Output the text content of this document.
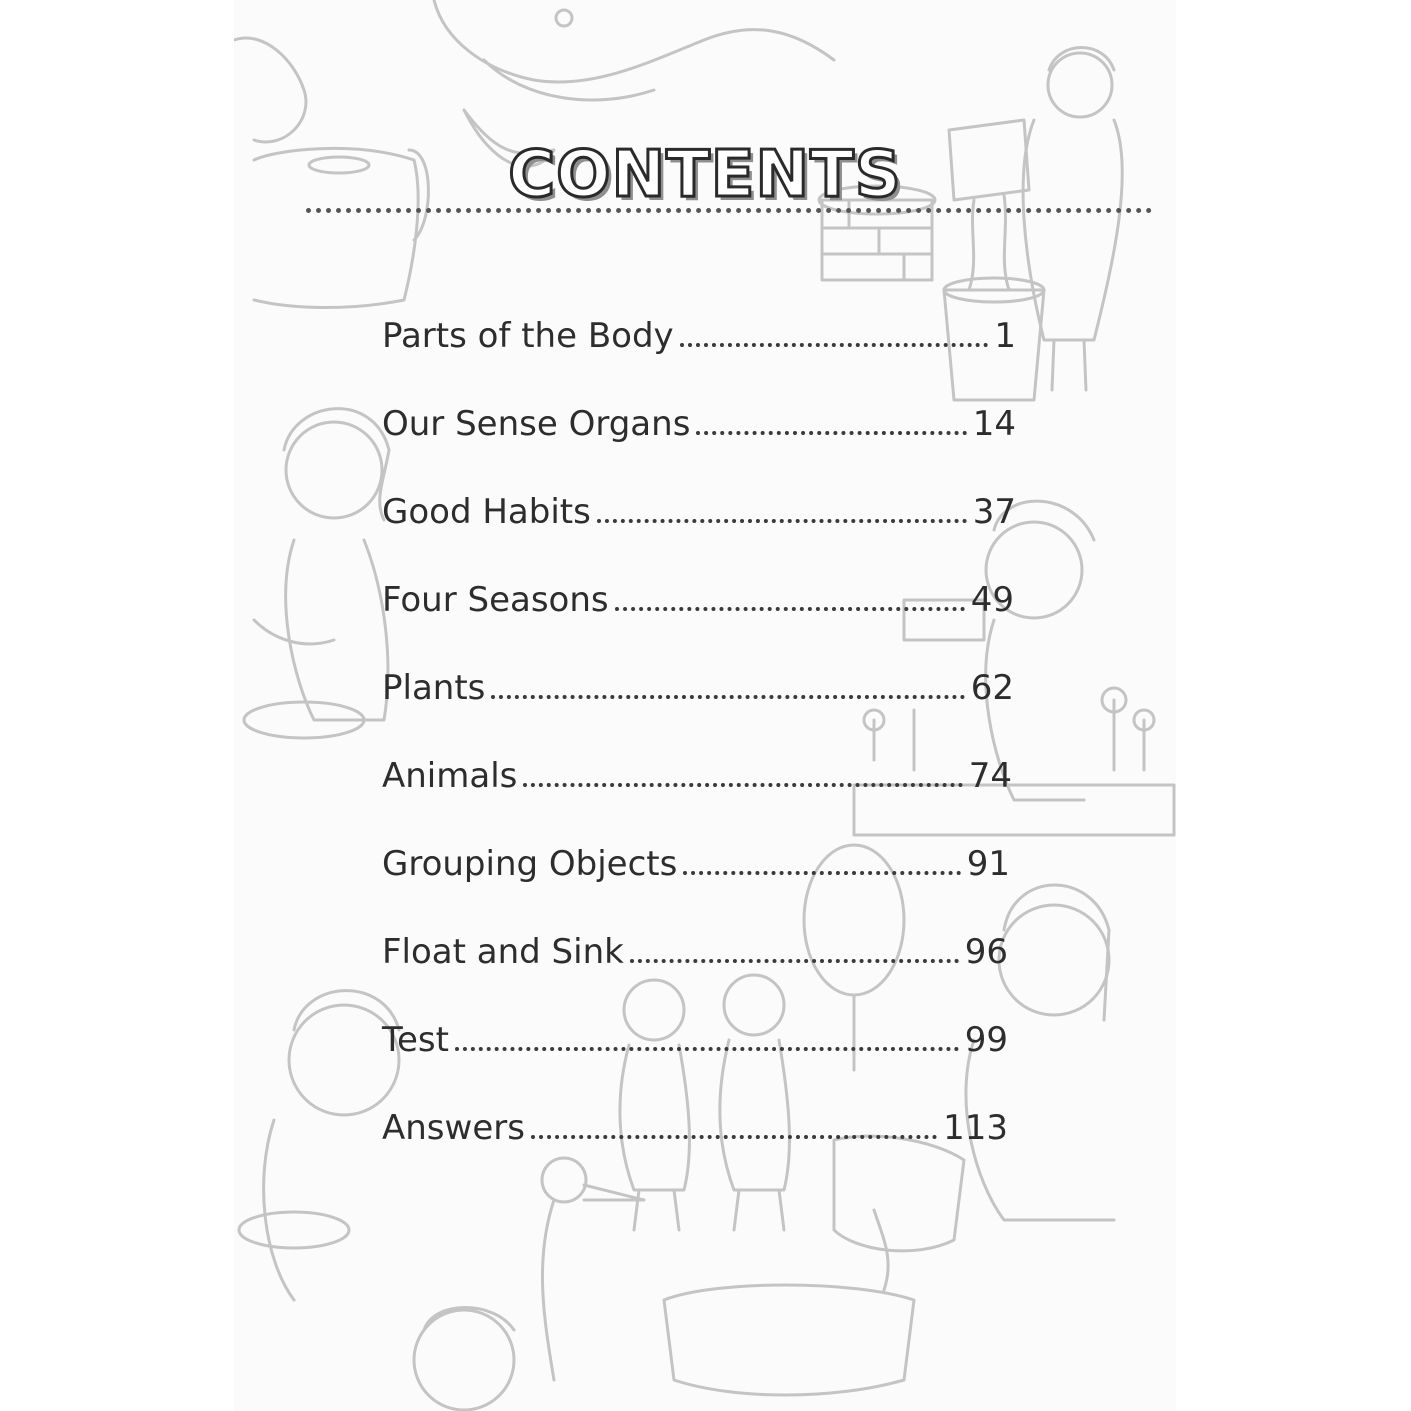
CONTENTS
Parts of the Body	1
Our Sense Organs	14
Good Habits	37
Four Seasons	49
Plants	62
Animals	74
Grouping Objects	91
Float and Sink	96
Test	99
Answers	113
